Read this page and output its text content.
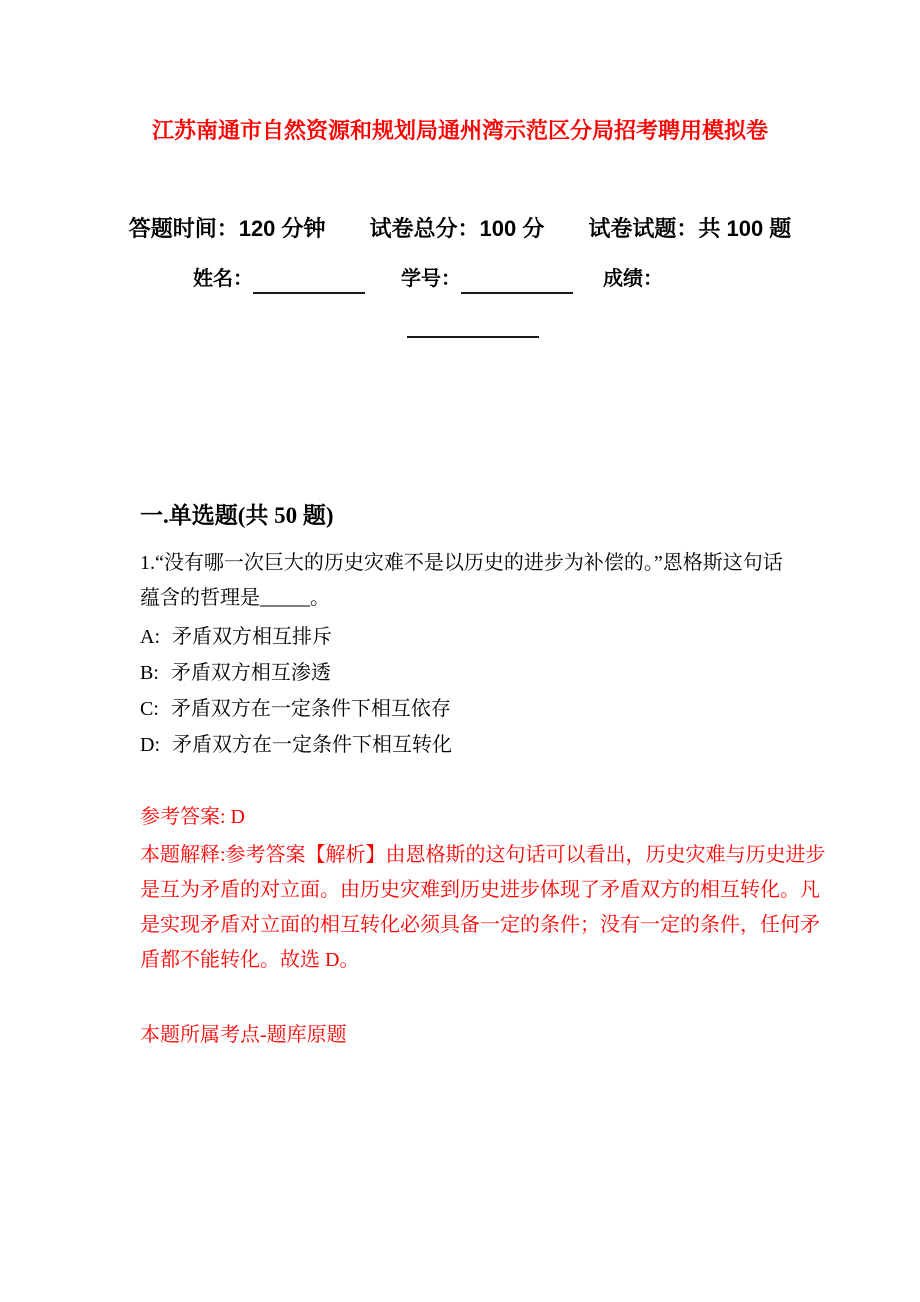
江苏南通市自然资源和规划局通州湾示范区分局招考聘用模拟卷
答题时间：120 分钟 试卷总分：100 分 试卷试题：共 100 题
姓名：	学号：	成绩：
一.单选题(共 50 题)
1.“没有哪一次巨大的历史灾难不是以历史的进步为补偿的。”恩格斯这句话
蕴含的哲理是_____。
A: 矛盾双方相互排斥
B: 矛盾双方相互渗透
C: 矛盾双方在一定条件下相互依存
D: 矛盾双方在一定条件下相互转化
参考答案: D
本题解释:参考答案【解析】由恩格斯的这句话可以看出，历史灾难与历史进步
是互为矛盾的对立面。由历史灾难到历史进步体现了矛盾双方的相互转化。凡
是实现矛盾对立面的相互转化必须具备一定的条件；没有一定的条件，任何矛
盾都不能转化。故选 D。
本题所属考点-题库原题
